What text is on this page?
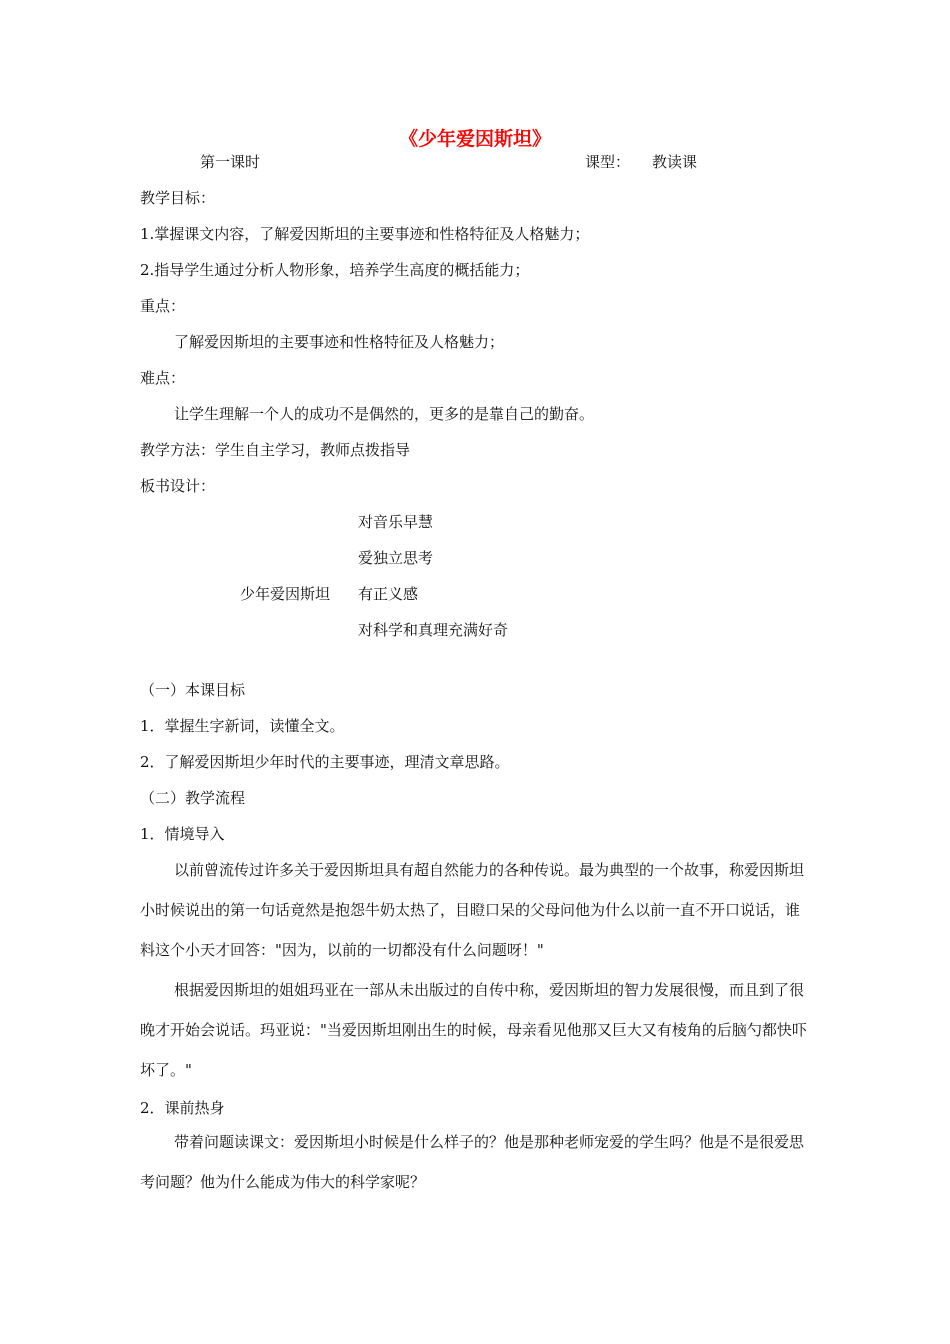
《少年爱因斯坦》
第一课时	课型： 教读课
教学目标：
1.掌握课文内容，了解爱因斯坦的主要事迹和性格特征及人格魅力；
2.指导学生通过分析人物形象，培养学生高度的概括能力；
重点：
了解爱因斯坦的主要事迹和性格特征及人格魅力；
难点：
让学生理解一个人的成功不是偶然的，更多的是靠自己的勤奋。
教学方法：学生自主学习，教师点拨指导
板书设计：
对音乐早慧
爱独立思考
少年爱因斯坦 有正义感
对科学和真理充满好奇
（一）本课目标
1．掌握生字新词，读懂全文。
2．了解爱因斯坦少年时代的主要事迹，理清文章思路。
（二）教学流程
1．情境导入

以前曾流传过许多关于爱因斯坦具有超自然能力的各种传说。最为典型的一个故事，称爱因斯坦小时候说出的第一句话竟然是抱怨牛奶太热了，目瞪口呆的父母问他为什么以前一直不开口说话，谁料这个小天才回答："因为，以前的一切都没有什么问题呀！"

根据爱因斯坦的姐姐玛亚在一部从未出版过的自传中称，爱因斯坦的智力发展很慢，而且到了很晚才开始会说话。玛亚说："当爱因斯坦刚出生的时候，母亲看见他那又巨大又有棱角的后脑勺都快吓坏了。"

2．课前热身

带着问题读课文：爱因斯坦小时候是什么样子的？他是那种老师宠爱的学生吗？他是不是很爱思考问题？他为什么能成为伟大的科学家呢？
